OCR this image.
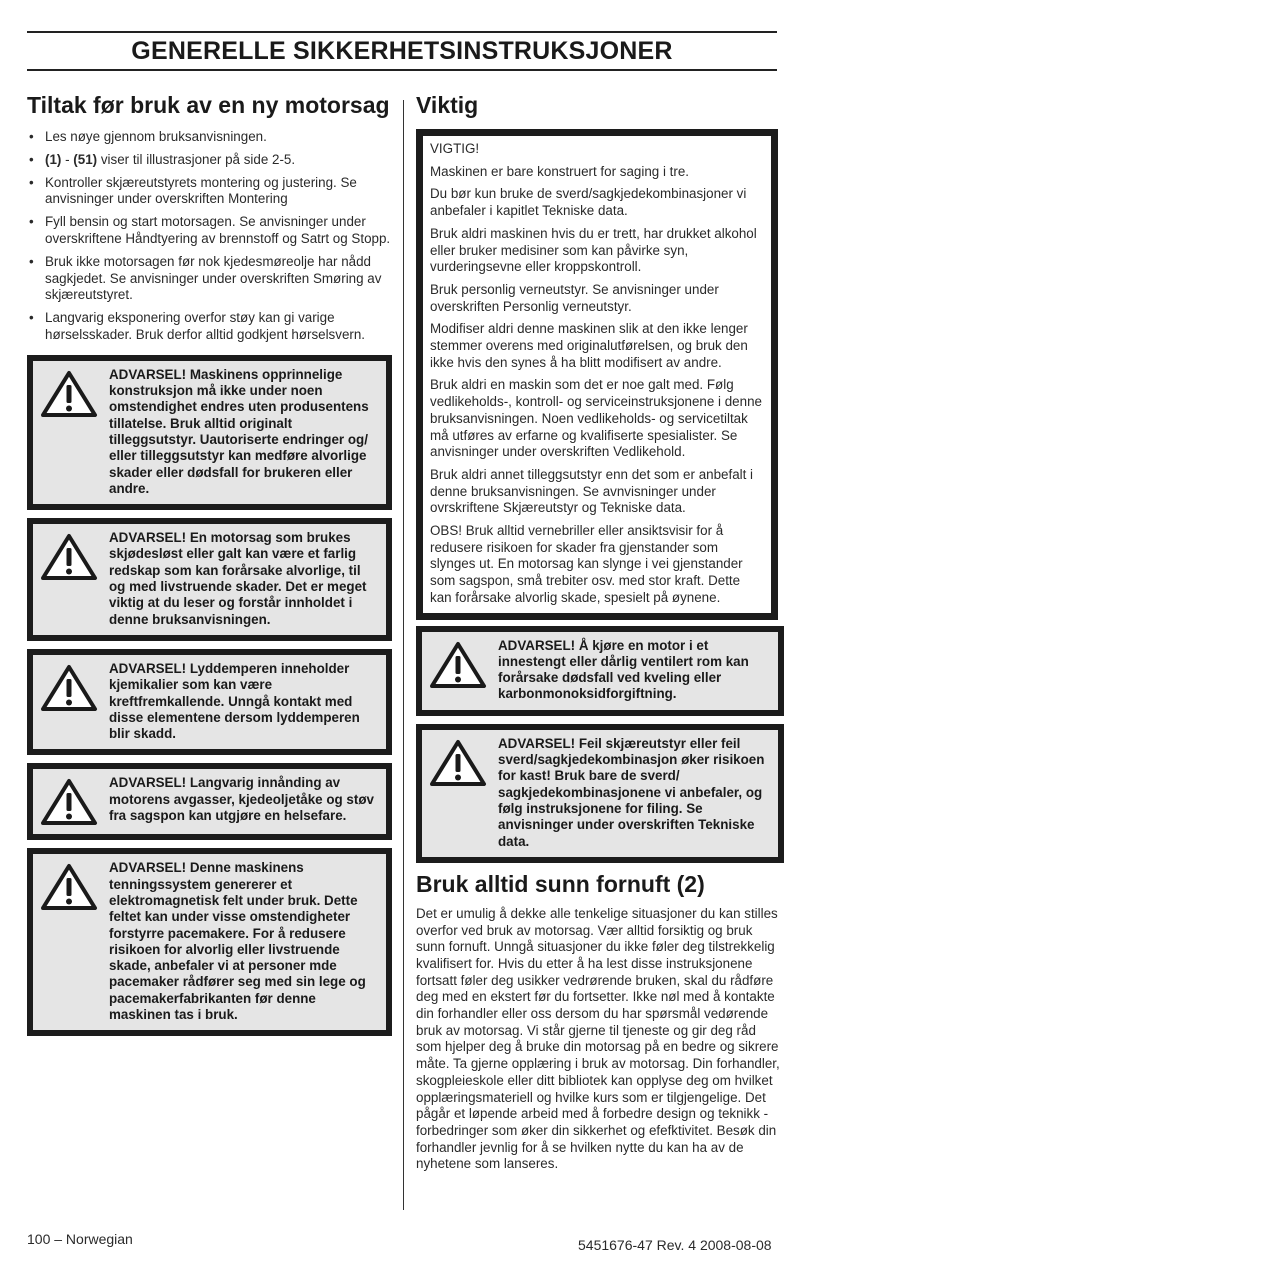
GENERELLE SIKKERHETSINSTRUKSJONER
Tiltak før bruk av en ny motorsag
• Les nøye gjennom bruksanvisningen.
• (1) - (51) viser til illustrasjoner på side 2-5.
• Kontroller skjæreutstyrets montering og justering. Se anvisninger under overskriften Montering
• Fyll bensin og start motorsagen. Se anvisninger under overskriftene Håndtyering av brennstoff og Satrt og Stopp.
• Bruk ikke motorsagen før nok kjedesmøreolje har nådd sagkjedet. Se anvisninger under overskriften Smøring av skjæreutstyret.
• Langvarig eksponering overfor støy kan gi varige hørselsskader. Bruk derfor alltid godkjent hørselsvern.
ADVARSEL! Maskinens opprinnelige konstruksjon må ikke under noen omstendighet endres uten produsentens tillatelse. Bruk alltid originalt tilleggsutstyr. Uautoriserte endringer og/ eller tilleggsutstyr kan medføre alvorlige skader eller dødsfall for brukeren eller andre.
ADVARSEL! En motorsag som brukes skjødesløst eller galt kan være et farlig redskap som kan forårsake alvorlige, til og med livstruende skader. Det er meget viktig at du leser og forstår innholdet i denne bruksanvisningen.
ADVARSEL! Lyddemperen inneholder kjemikalier som kan være kreftfremkallende. Unngå kontakt med disse elementene dersom lyddemperen blir skadd.
ADVARSEL! Langvarig innånding av motorens avgasser, kjedeoljetåke og støv fra sagspon kan utgjøre en helsefare.
ADVARSEL! Denne maskinens tenningssystem genererer et elektromagnetisk felt under bruk. Dette feltet kan under visse omstendigheter forstyrre pacemakere. For å redusere risikoen for alvorlig eller livstruende skade, anbefaler vi at personer mde pacemaker rådfører seg med sin lege og pacemakerfabrikanten før denne maskinen tas i bruk.
Viktig

VIGTIG!

Maskinen er bare konstruert for saging i tre.

Du bør kun bruke de sverd/sagkjedekombinasjoner vi anbefaler i kapitlet Tekniske data.

Bruk aldri maskinen hvis du er trett, har drukket alkohol eller bruker medisiner som kan påvirke syn, vurderingsevne eller kroppskontroll.

Bruk personlig verneutstyr. Se anvisninger under overskriften Personlig verneutstyr.

Modifiser aldri denne maskinen slik at den ikke lenger stemmer overens med originalutførelsen, og bruk den ikke hvis den synes å ha blitt modifisert av andre.

Bruk aldri en maskin som det er noe galt med. Følg vedlikeholds-, kontroll- og serviceinstruksjonene i denne bruksanvisningen. Noen vedlikeholds- og servicetiltak må utføres av erfarne og kvalifiserte spesialister. Se anvisninger under overskriften Vedlikehold.

Bruk aldri annet tilleggsutstyr enn det som er anbefalt i denne bruksanvisningen. Se avnvisninger under ovrskriftene Skjæreutstyr og Tekniske data.

OBS! Bruk alltid vernebriller eller ansiktsvisir for å redusere risikoen for skader fra gjenstander som slynges ut. En motorsag kan slynge i vei gjenstander som sagspon, små trebiter osv. med stor kraft. Dette kan forårsake alvorlig skade, spesielt på øynene.

ADVARSEL! Å kjøre en motor i et innestengt eller dårlig ventilert rom kan forårsake dødsfall ved kveling eller karbonmonoksidforgiftning.
ADVARSEL! Feil skjæreutstyr eller feil sverd/sagkjedekombinasjon øker risikoen for kast! Bruk bare de sverd/ sagkjedekombinasjonene vi anbefaler, og følg instruksjonene for filing. Se anvisninger under overskriften Tekniske data.
Bruk alltid sunn fornuft (2)

Det er umulig å dekke alle tenkelige situasjoner du kan stilles overfor ved bruk av motorsag. Vær alltid forsiktig og bruk sunn fornuft. Unngå situasjoner du ikke føler deg tilstrekkelig kvalifisert for. Hvis du etter å ha lest disse instruksjonene fortsatt føler deg usikker vedrørende bruken, skal du rådføre deg med en ekstert før du fortsetter. Ikke nøl med å kontakte din forhandler eller oss dersom du har spørsmål vedørende bruk av motorsag. Vi står gjerne til tjeneste og gir deg råd som hjelper deg å bruke din motorsag på en bedre og sikrere måte. Ta gjerne opplæring i bruk av motorsag. Din forhandler, skogpleieskole eller ditt bibliotek kan opplyse deg om hvilket opplæringsmateriell og hvilke kurs som er tilgjengelige. Det pågår et løpende arbeid med å forbedre design og teknikk - forbedringer som øker din sikkerhet og efefktivitet. Besøk din forhandler jevnlig for å se hvilken nytte du kan ha av de nyhetene som lanseres.

100 – Norwegian	5451676-47 Rev. 4 2008-08-08
